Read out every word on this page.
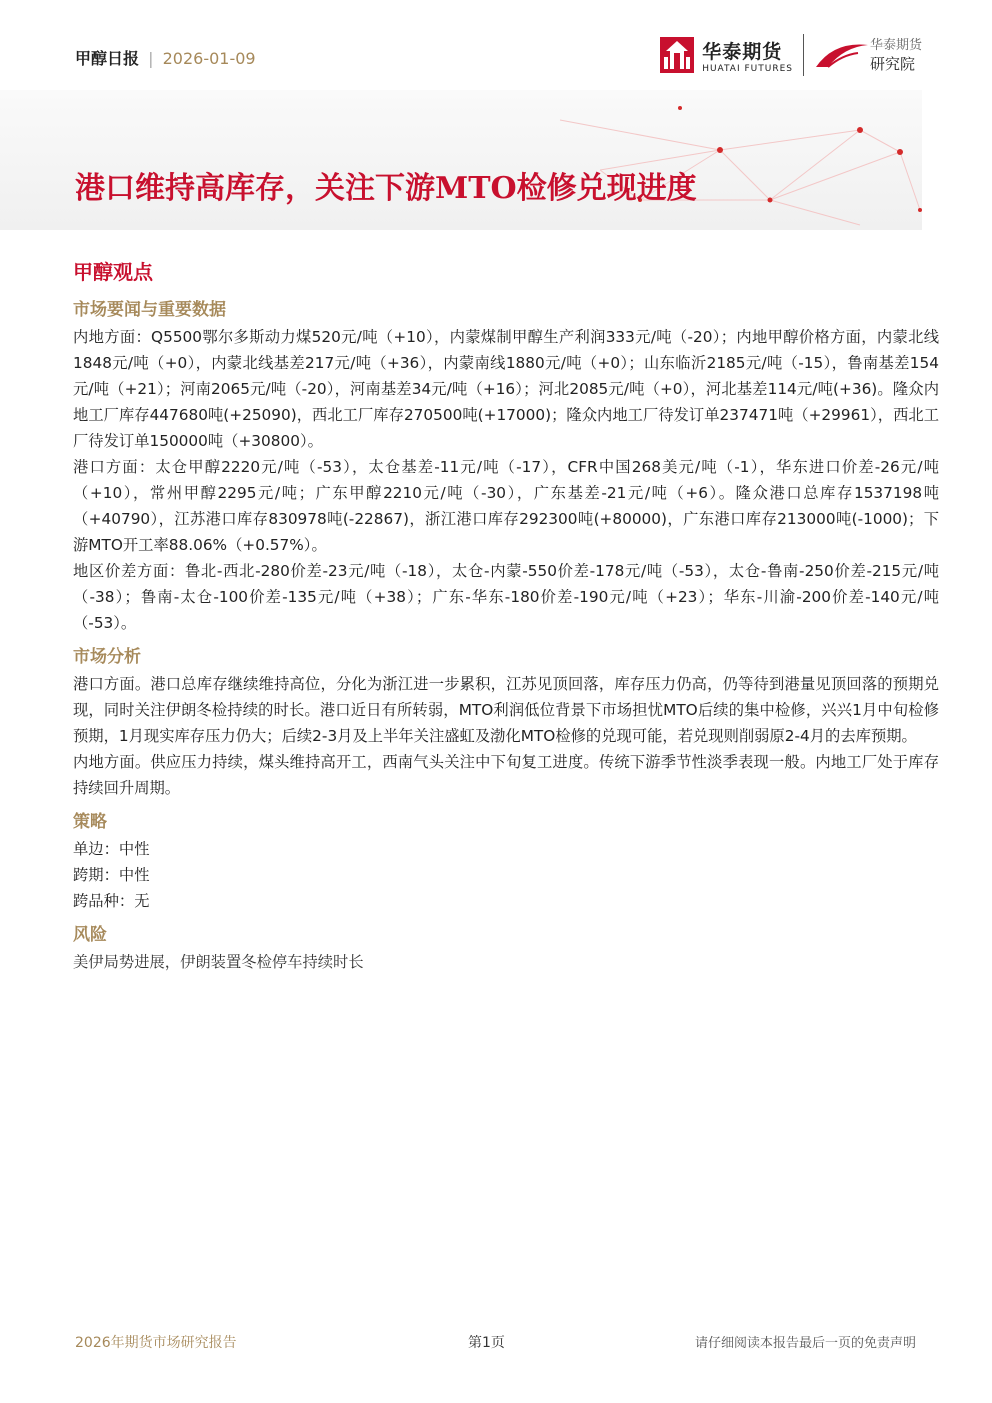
甲醇日报 | 2026-01-09	华泰期货
HUATAI FUTURES
华泰期货
研究院
港口维持高库存，关注下游MTO检修兑现进度
甲醇观点
市场要闻与重要数据

内地方面：Q5500鄂尔多斯动力煤520元/吨（+10），内蒙煤制甲醇生产利润333元/吨（-20）；内地甲醇价格方面，内蒙北线1848元/吨（+0），内蒙北线基差217元/吨（+36），内蒙南线1880元/吨（+0）；山东临沂2185元/吨（-15），鲁南基差154元/吨（+21）；河南2065元/吨（-20），河南基差34元/吨（+16）；河北2085元/吨（+0），河北基差114元/吨(+36)。隆众内地工厂库存447680吨(+25090)，西北工厂库存270500吨(+17000)；隆众内地工厂待发订单237471吨（+29961），西北工厂待发订单150000吨（+30800）。

港口方面：太仓甲醇2220元/吨（-53），太仓基差-11元/吨（-17），CFR中国268美元/吨（-1），华东进口价差-26元/吨（+10），常州甲醇2295元/吨；广东甲醇2210元/吨（-30），广东基差-21元/吨（+6）。隆众港口总库存1537198吨（+40790），江苏港口库存830978吨(-22867)，浙江港口库存292300吨(+80000)，广东港口库存213000吨(-1000)；下游MTO开工率88.06%（+0.57%）。

地区价差方面：鲁北-西北-280价差-23元/吨（-18），太仓-内蒙-550价差-178元/吨（-53），太仓-鲁南-250价差-215元/吨（-38）；鲁南-太仓-100价差-135元/吨（+38）；广东-华东-180价差-190元/吨（+23）；华东-川渝-200价差-140元/吨（-53）。

市场分析

港口方面。港口总库存继续维持高位，分化为浙江进一步累积，江苏见顶回落，库存压力仍高，仍等待到港量见顶回落的预期兑现，同时关注伊朗冬检持续的时长。港口近日有所转弱，MTO利润低位背景下市场担忧MTO后续的集中检修，兴兴1月中旬检修预期，1月现实库存压力仍大；后续2-3月及上半年关注盛虹及渤化MTO检修的兑现可能，若兑现则削弱原2-4月的去库预期。

内地方面。供应压力持续，煤头维持高开工，西南气头关注中下旬复工进度。传统下游季节性淡季表现一般。内地工厂处于库存持续回升周期。

策略

单边：中性

跨期：中性

跨品种：无

风险

美伊局势进展，伊朗装置冬检停车持续时长

2026年期货市场研究报告	第1页	请仔细阅读本报告最后一页的免责声明
